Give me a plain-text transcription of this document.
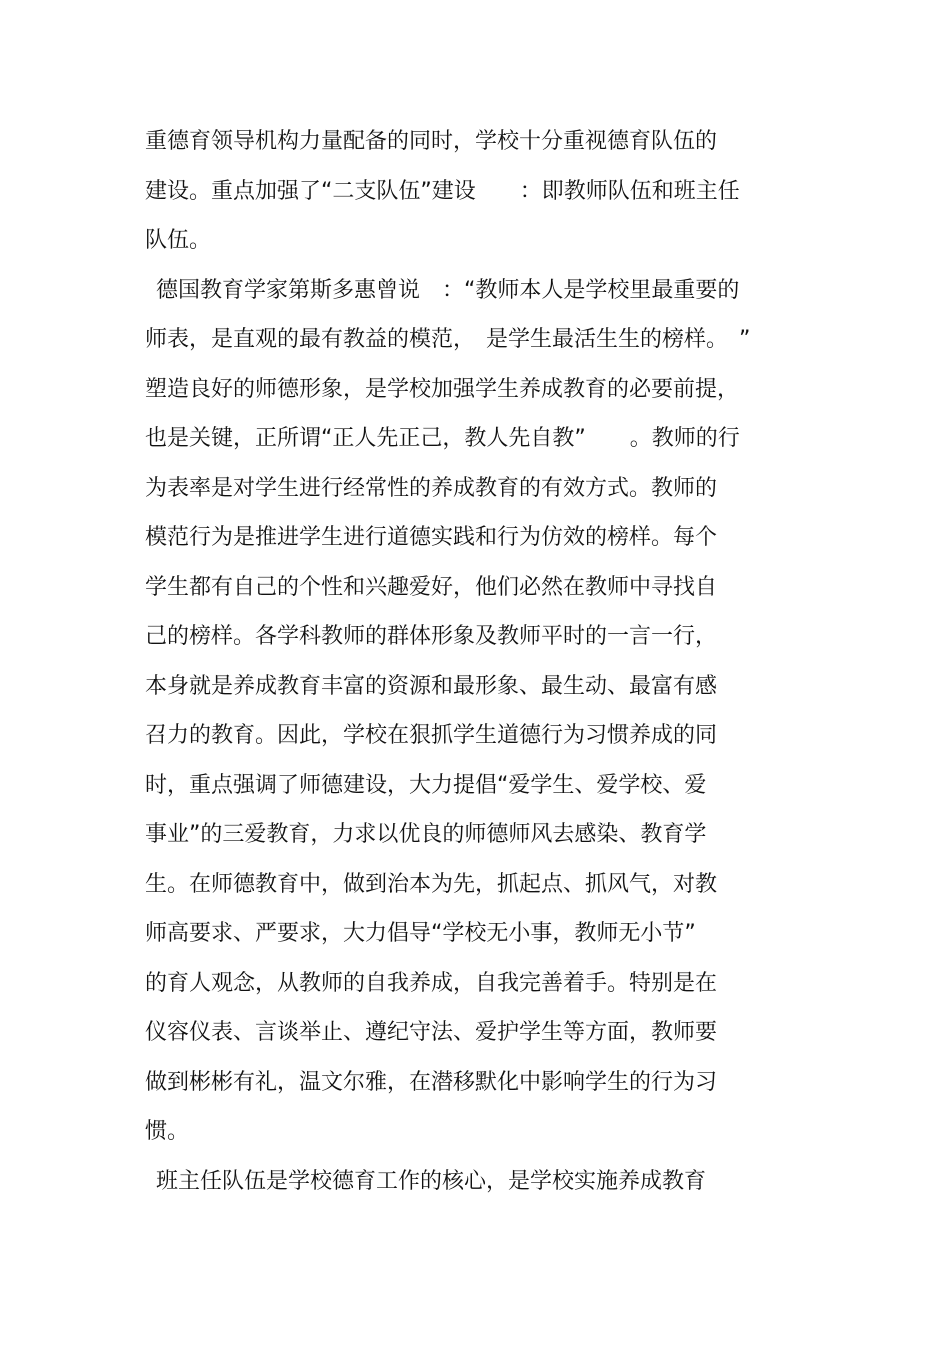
重德育领导机构力量配备的同时，学校十分重视德育队伍的
建设。重点加强了“二支队伍”建设　　：即教师队伍和班主任
队伍。
德国教育学家第斯多惠曾说　：“教师本人是学校里最重要的
师表，是直观的最有教益的模范，　是学生最活生生的榜样。　”
塑造良好的师德形象，是学校加强学生养成教育的必要前提，
也是关键，正所谓“正人先正己，教人先自教”　　。教师的行
为表率是对学生进行经常性的养成教育的有效方式。教师的
模范行为是推进学生进行道德实践和行为仿效的榜样。每个
学生都有自己的个性和兴趣爱好，他们必然在教师中寻找自
己的榜样。各学科教师的群体形象及教师平时的一言一行，
本身就是养成教育丰富的资源和最形象、最生动、最富有感
召力的教育。因此，学校在狠抓学生道德行为习惯养成的同
时，重点强调了师德建设，大力提倡“爱学生、爱学校、爱
事业”的三爱教育，力求以优良的师德师风去感染、教育学
生。在师德教育中，做到治本为先，抓起点、抓风气，对教
师高要求、严要求，大力倡导“学校无小事，教师无小节”
的育人观念，从教师的自我养成，自我完善着手。特别是在
仪容仪表、言谈举止、遵纪守法、爱护学生等方面，教师要
做到彬彬有礼，温文尔雅，在潜移默化中影响学生的行为习
惯。
班主任队伍是学校德育工作的核心，是学校实施养成教育
